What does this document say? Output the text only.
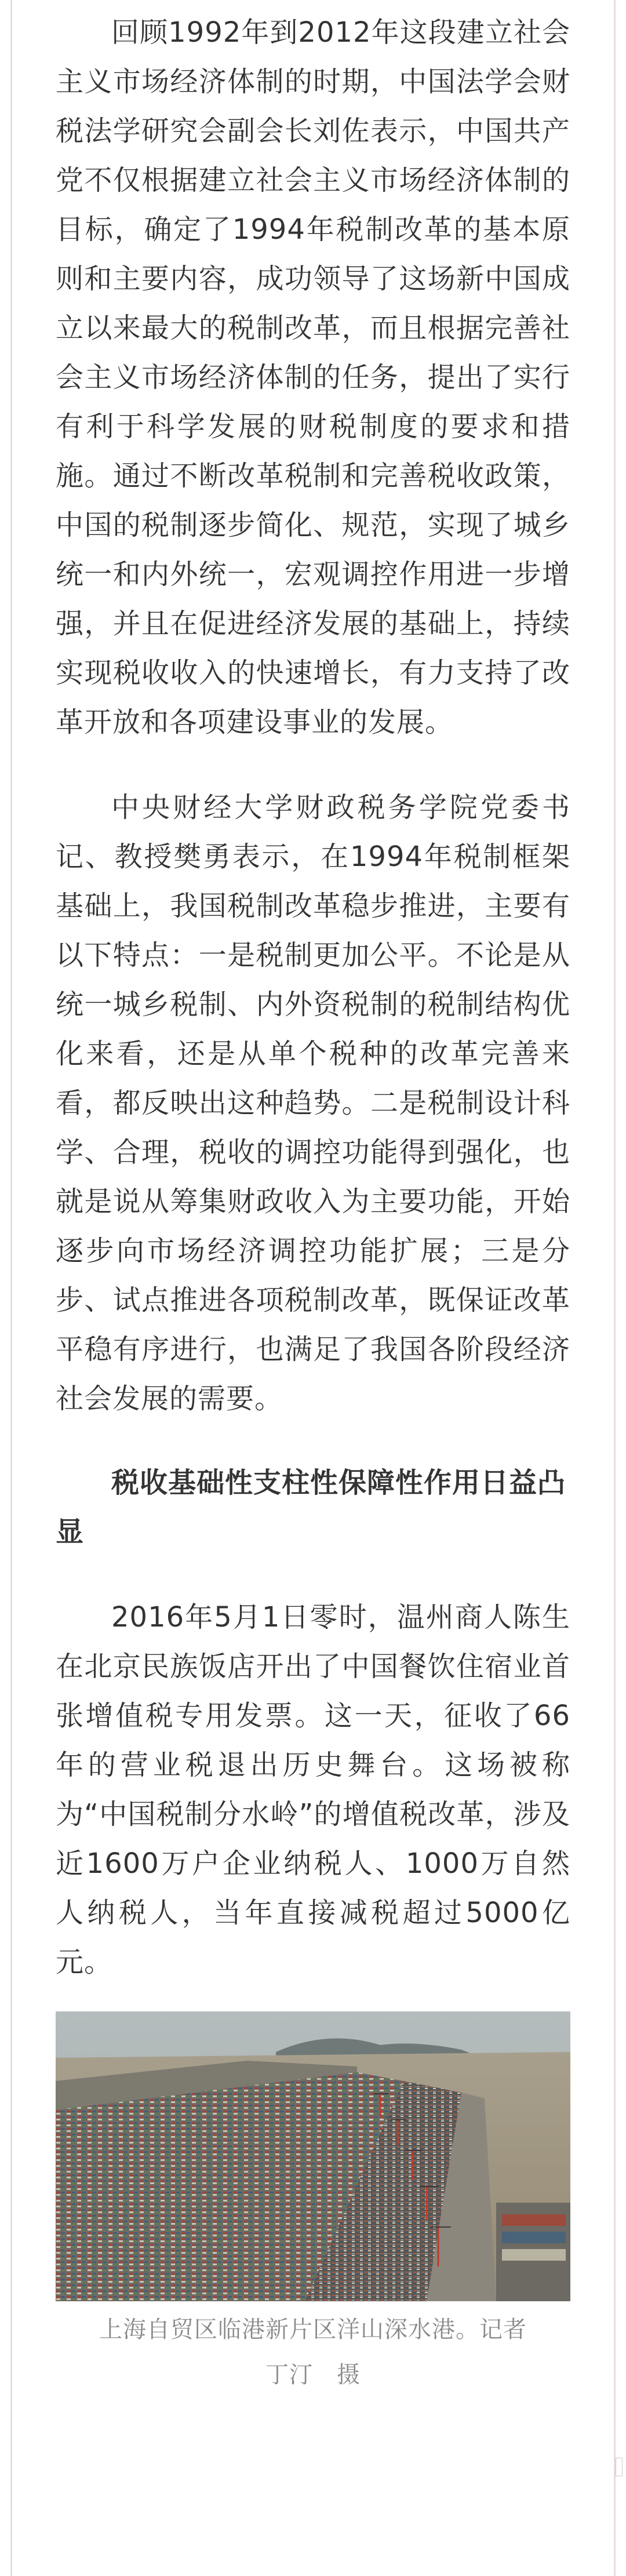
回顾1992年到2012年这段建立社会主义市场经济体制的时期，中国法学会财税法学研究会副会长刘佐表示，中国共产党不仅根据建立社会主义市场经济体制的目标，确定了1994年税制改革的基本原则和主要内容，成功领导了这场新中国成立以来最大的税制改革，而且根据完善社会主义市场经济体制的任务，提出了实行有利于科学发展的财税制度的要求和措施。通过不断改革税制和完善税收政策，中国的税制逐步简化、规范，实现了城乡统一和内外统一，宏观调控作用进一步增强，并且在促进经济发展的基础上，持续实现税收收入的快速增长，有力支持了改革开放和各项建设事业的发展。

中央财经大学财政税务学院党委书记、教授樊勇表示，在1994年税制框架基础上，我国税制改革稳步推进，主要有以下特点：一是税制更加公平。不论是从统一城乡税制、内外资税制的税制结构优化来看，还是从单个税种的改革完善来看，都反映出这种趋势。二是税制设计科学、合理，税收的调控功能得到强化，也就是说从筹集财政收入为主要功能，开始逐步向市场经济调控功能扩展；三是分步、试点推进各项税制改革，既保证改革平稳有序进行，也满足了我国各阶段经济社会发展的需要。

税收基础性支柱性保障性作用日益凸显

2016年5月1日零时，温州商人陈生在北京民族饭店开出了中国餐饮住宿业首张增值税专用发票。这一天，征收了66年的营业税退出历史舞台。这场被称为“中国税制分水岭”的增值税改革，涉及近1600万户企业纳税人、1000万自然人纳税人，当年直接减税超过5000亿元。

上海自贸区临港新片区洋山深水港。记者
丁汀　摄
